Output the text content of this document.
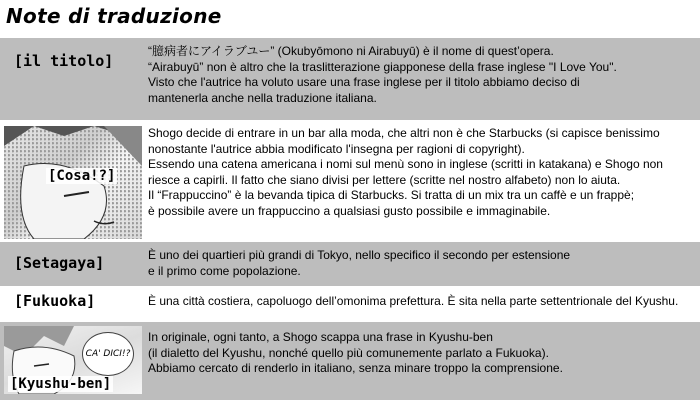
Note di traduzione
[il titolo]
“臆病者にアイラブユー” (Okubyōmono ni Airabuyū) è il nome di quest’opera.
“Airabuyū” non è altro che la traslitterazione giapponese della frase inglese "I Love You".
Visto che l'autrice ha voluto usare una frase inglese per il titolo abbiamo deciso di
mantenerla anche nella traduzione italiana.
[Cosa!?]
Shogo decide di entrare in un bar alla moda, che altri non è che Starbucks (si capisce benissimo
nonostante l'autrice abbia modificato l'insegna per ragioni di copyright).
Essendo una catena americana i nomi sul menù sono in inglese (scritti in katakana) e Shogo non
riesce a capirli. Il fatto che siano divisi per lettere (scritte nel nostro alfabeto) non lo aiuta.
Il “Frappuccino” è la bevanda tipica di Starbucks. Si tratta di un mix tra un caffè e un frappè;
è possibile avere un frappuccino a qualsiasi gusto possibile e immaginabile.
[Setagaya]	È uno dei quartieri più grandi di Tokyo, nello specifico il secondo per estensione
e il primo come popolazione.
[Fukuoka]	È una città costiera, capoluogo dell’omonima prefettura. È sita nella parte settentrionale del Kyushu.
CA' DICI!?
[Kyushu-ben]
In originale, ogni tanto, a Shogo scappa una frase in Kyushu-ben
(il dialetto del Kyushu, nonché quello più comunemente parlato a Fukuoka).
Abbiamo cercato di renderlo in italiano, senza minare troppo la comprensione.
